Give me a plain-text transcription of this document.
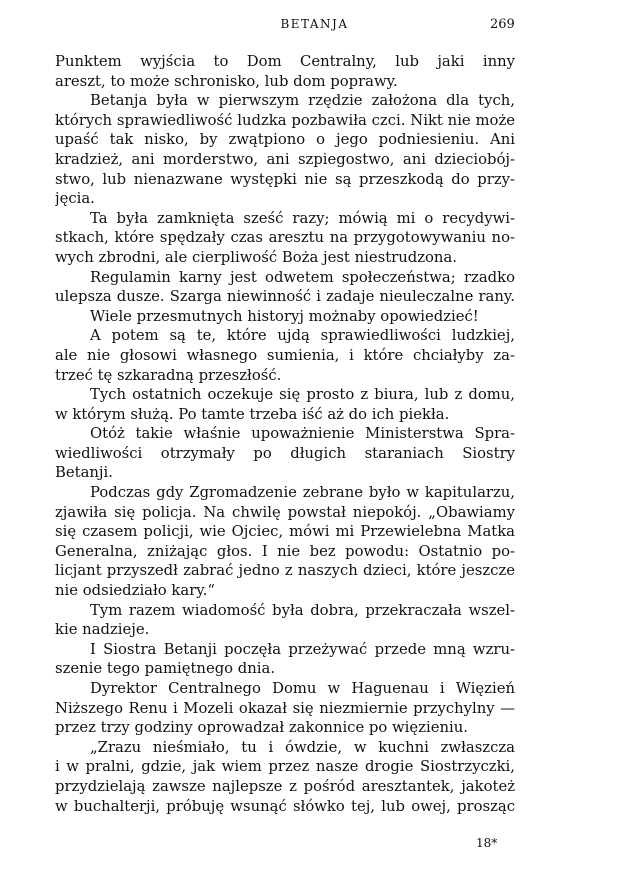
BETANJA	269
Punktem wyjścia to Dom Centralny, lub jaki inny
areszt, to może schronisko, lub dom poprawy.
Betanja była w pierwszym rzędzie założona dla tych,
których sprawiedliwość ludzka pozbawiła czci. Nikt nie może
upaść tak nisko, by zwątpiono o jego podniesieniu. Ani
kradzież, ani morderstwo, ani szpiegostwo, ani dzieciobój-
stwo, lub nienazwane występki nie są przeszkodą do przy-
jęcia.
Ta była zamknięta sześć razy; mówią mi o recydywi-
stkach, które spędzały czas aresztu na przygotowywaniu no-
wych zbrodni, ale cierpliwość Boża jest niestrudzona.
Regulamin karny jest odwetem społeczeństwa; rzadko
ulepsza dusze. Szarga niewinność i zadaje nieuleczalne rany.
Wiele przesmutnych historyj możnaby opowiedzieć!
A potem są te, które ujdą sprawiedliwości ludzkiej,
ale nie głosowi własnego sumienia, i które chciałyby za-
trzeć tę szkaradną przeszłość.
Tych ostatnich oczekuje się prosto z biura, lub z domu,
w którym służą. Po tamte trzeba iść aż do ich piekła.
Otóż takie właśnie upoważnienie Ministerstwa Spra-
wiedliwości otrzymały po długich staraniach Siostry
Betanji.
Podczas gdy Zgromadzenie zebrane było w kapitularzu,
zjawiła się policja. Na chwilę powstał niepokój. „Obawiamy
się czasem policji, wie Ojciec, mówi mi Przewielebna Matka
Generalna, zniżając głos. I nie bez powodu: Ostatnio po-
licjant przyszedł zabrać jedno z naszych dzieci, które jeszcze
nie odsiedziało kary.“
Tym razem wiadomość była dobra, przekraczała wszel-
kie nadzieje.
I Siostra Betanji poczęła przeżywać przede mną wzru-
szenie tego pamiętnego dnia.
Dyrektor Centralnego Domu w Haguenau i Więzień
Niższego Renu i Mozeli okazał się niezmiernie przychylny —
przez trzy godziny oprowadzał zakonnice po więzieniu.
„Zrazu nieśmiało, tu i ówdzie, w kuchni zwłaszcza
i w pralni, gdzie, jak wiem przez nasze drogie Siostrzyczki,
przydzielają zawsze najlepsze z pośród aresztantek, jakoteż
w buchalterji, próbuję wsunąć słówko tej, lub owej, prosząc
18*
